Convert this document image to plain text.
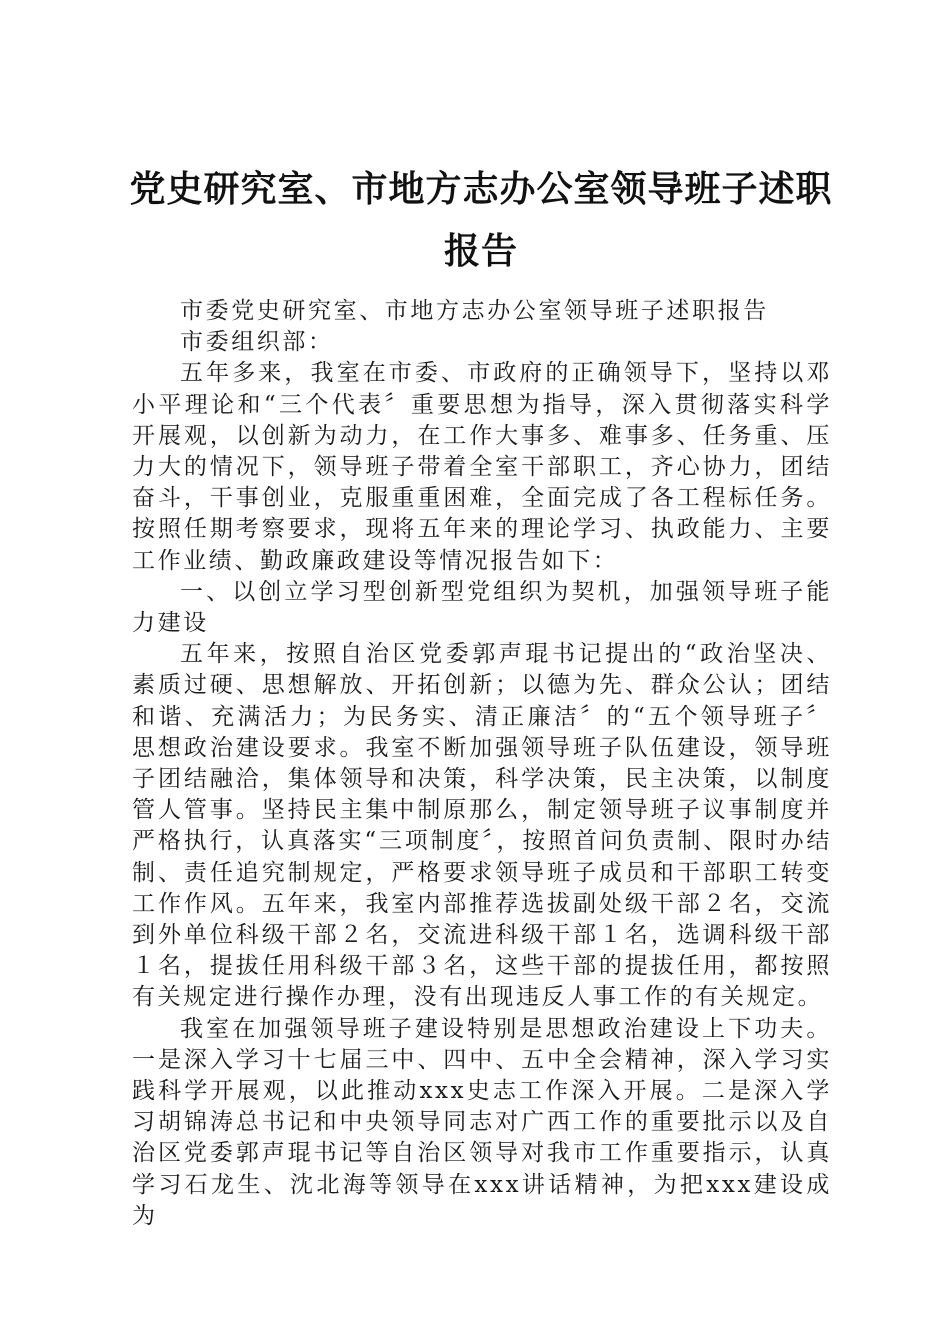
党史研究室、市地方志办公室领导班子述职报告

市委党史研究室、市地方志办公室领导班子述职报告

市委组织部：

五年多来，我室在市委、市政府的正确领导下，坚持以邓小平理论和“三个代表〞重要思想为指导，深入贯彻落实科学开展观，以创新为动力，在工作大事多、难事多、任务重、压力大的情况下，领导班子带着全室干部职工，齐心协力，团结奋斗，干事创业，克服重重困难，全面完成了各工程标任务。按照任期考察要求，现将五年来的理论学习、执政能力、主要工作业绩、勤政廉政建设等情况报告如下：

一、以创立学习型创新型党组织为契机，加强领导班子能力建设

五年来，按照自治区党委郭声琨书记提出的“政治坚决、素质过硬、思想解放、开拓创新；以德为先、群众公认；团结和谐、充满活力；为民务实、清正廉洁〞的“五个领导班子〞思想政治建设要求。我室不断加强领导班子队伍建设，领导班子团结融洽，集体领导和决策，科学决策，民主决策，以制度管人管事。坚持民主集中制原那么，制定领导班子议事制度并严格执行，认真落实“三项制度〞，按照首问负责制、限时办结制、责任追究制规定，严格要求领导班子成员和干部职工转变工作作风。五年来，我室内部推荐选拔副处级干部２名，交流到外单位科级干部２名，交流进科级干部１名，选调科级干部１名，提拔任用科级干部３名，这些干部的提拔任用，都按照有关规定进行操作办理，没有出现违反人事工作的有关规定。

我室在加强领导班子建设特别是思想政治建设上下功夫。一是深入学习十七届三中、四中、五中全会精神，深入学习实践科学开展观，以此推动xxx史志工作深入开展。二是深入学习胡锦涛总书记和中央领导同志对广西工作的重要批示以及自治区党委郭声琨书记等自治区领导对我市工作重要指示，认真学习石龙生、沈北海等领导在xxx讲话精神，为把xxx建设成为
